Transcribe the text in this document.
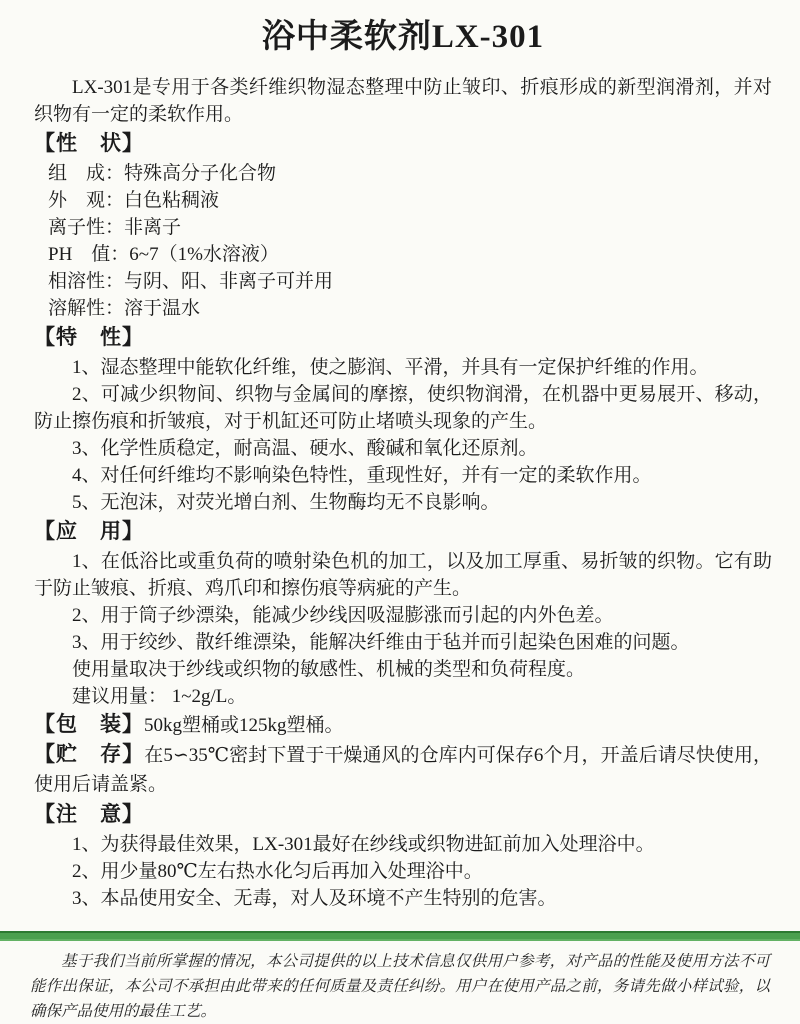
浴中柔软剂LX-301

LX-301是专用于各类纤维织物湿态整理中防止皱印、折痕形成的新型润滑剂，并对织物有一定的柔软作用。

【性　状】
组　成：特殊高分子化合物
外　观：白色粘稠液
离子性：非离子
PH　值：6~7（1%水溶液）
相溶性：与阴、阳、非离子可并用
溶解性：溶于温水
【特　性】

1、湿态整理中能软化纤维，使之膨润、平滑，并具有一定保护纤维的作用。

2、可减少织物间、织物与金属间的摩擦，使织物润滑，在机器中更易展开、移动，防止擦伤痕和折皱痕，对于机缸还可防止堵喷头现象的产生。

3、化学性质稳定，耐高温、硬水、酸碱和氧化还原剂。

4、对任何纤维均不影响染色特性，重现性好，并有一定的柔软作用。

5、无泡沫，对荧光增白剂、生物酶均无不良影响。

【应　用】

1、在低浴比或重负荷的喷射染色机的加工，以及加工厚重、易折皱的织物。它有助于防止皱痕、折痕、鸡爪印和擦伤痕等病疵的产生。

2、用于筒子纱漂染，能减少纱线因吸湿膨涨而引起的内外色差。

3、用于绞纱、散纤维漂染，能解决纤维由于毡并而引起染色困难的问题。

使用量取决于纱线或织物的敏感性、机械的类型和负荷程度。

建议用量： 1~2g/L。

【包　装】50kg塑桶或125kg塑桶。

【贮　存】在5∽35℃密封下置于干燥通风的仓库内可保存6个月，开盖后请尽快使用，使用后请盖紧。

【注　意】

1、为获得最佳效果，LX-301最好在纱线或织物进缸前加入处理浴中。

2、用少量80℃左右热水化匀后再加入处理浴中。

3、本品使用安全、无毒，对人及环境不产生特别的危害。

基于我们当前所掌握的情况，本公司提供的以上技术信息仅供用户参考，对产品的性能及使用方法不可能作出保证，本公司不承担由此带来的任何质量及责任纠纷。用户在使用产品之前，务请先做小样试验，以确保产品使用的最佳工艺。
